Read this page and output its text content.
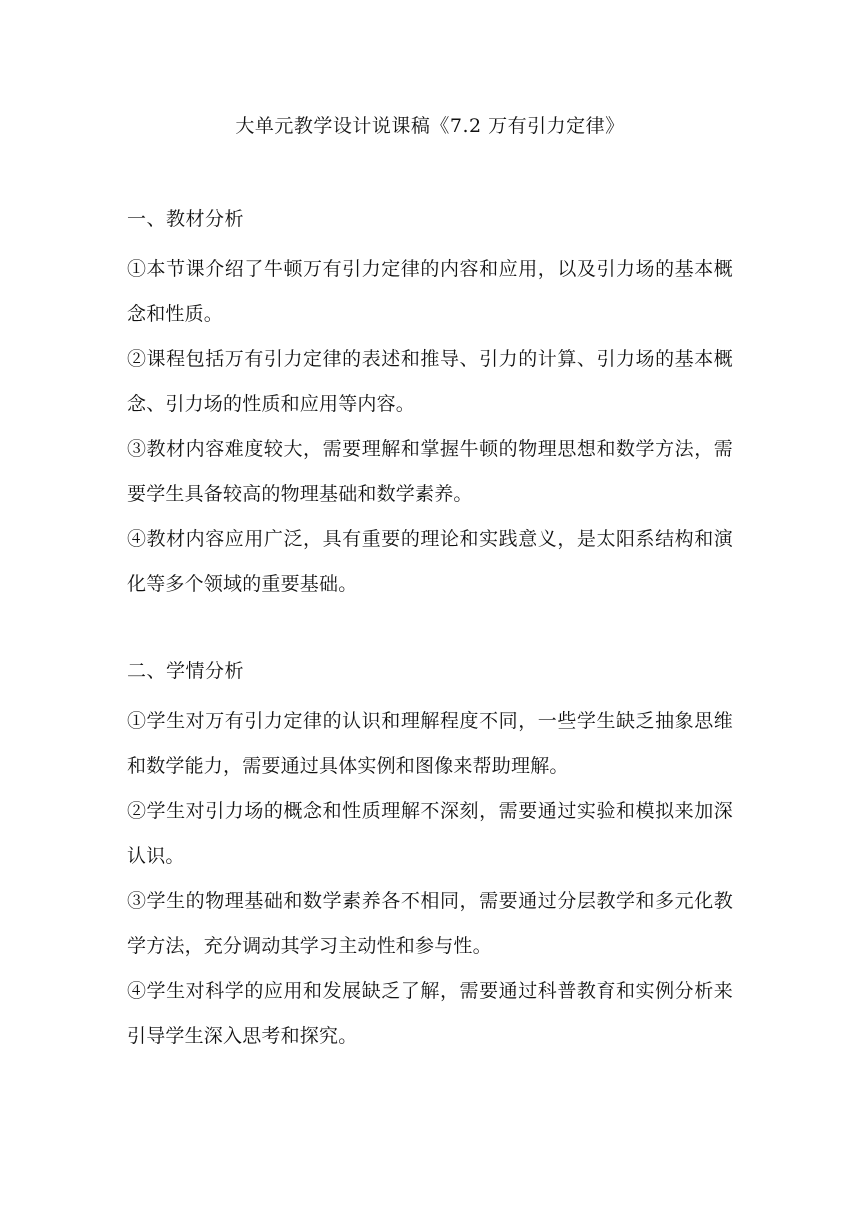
大单元教学设计说课稿《7.2 万有引力定律》
一、教材分析

①本节课介绍了牛顿万有引力定律的内容和应用，以及引力场的基本概念和性质。

②课程包括万有引力定律的表述和推导、引力的计算、引力场的基本概念、引力场的性质和应用等内容。

③教材内容难度较大，需要理解和掌握牛顿的物理思想和数学方法，需要学生具备较高的物理基础和数学素养。

④教材内容应用广泛，具有重要的理论和实践意义，是太阳系结构和演化等多个领域的重要基础。

二、学情分析

①学生对万有引力定律的认识和理解程度不同，一些学生缺乏抽象思维和数学能力，需要通过具体实例和图像来帮助理解。

②学生对引力场的概念和性质理解不深刻，需要通过实验和模拟来加深认识。

③学生的物理基础和数学素养各不相同，需要通过分层教学和多元化教学方法，充分调动其学习主动性和参与性。

④学生对科学的应用和发展缺乏了解，需要通过科普教育和实例分析来引导学生深入思考和探究。
